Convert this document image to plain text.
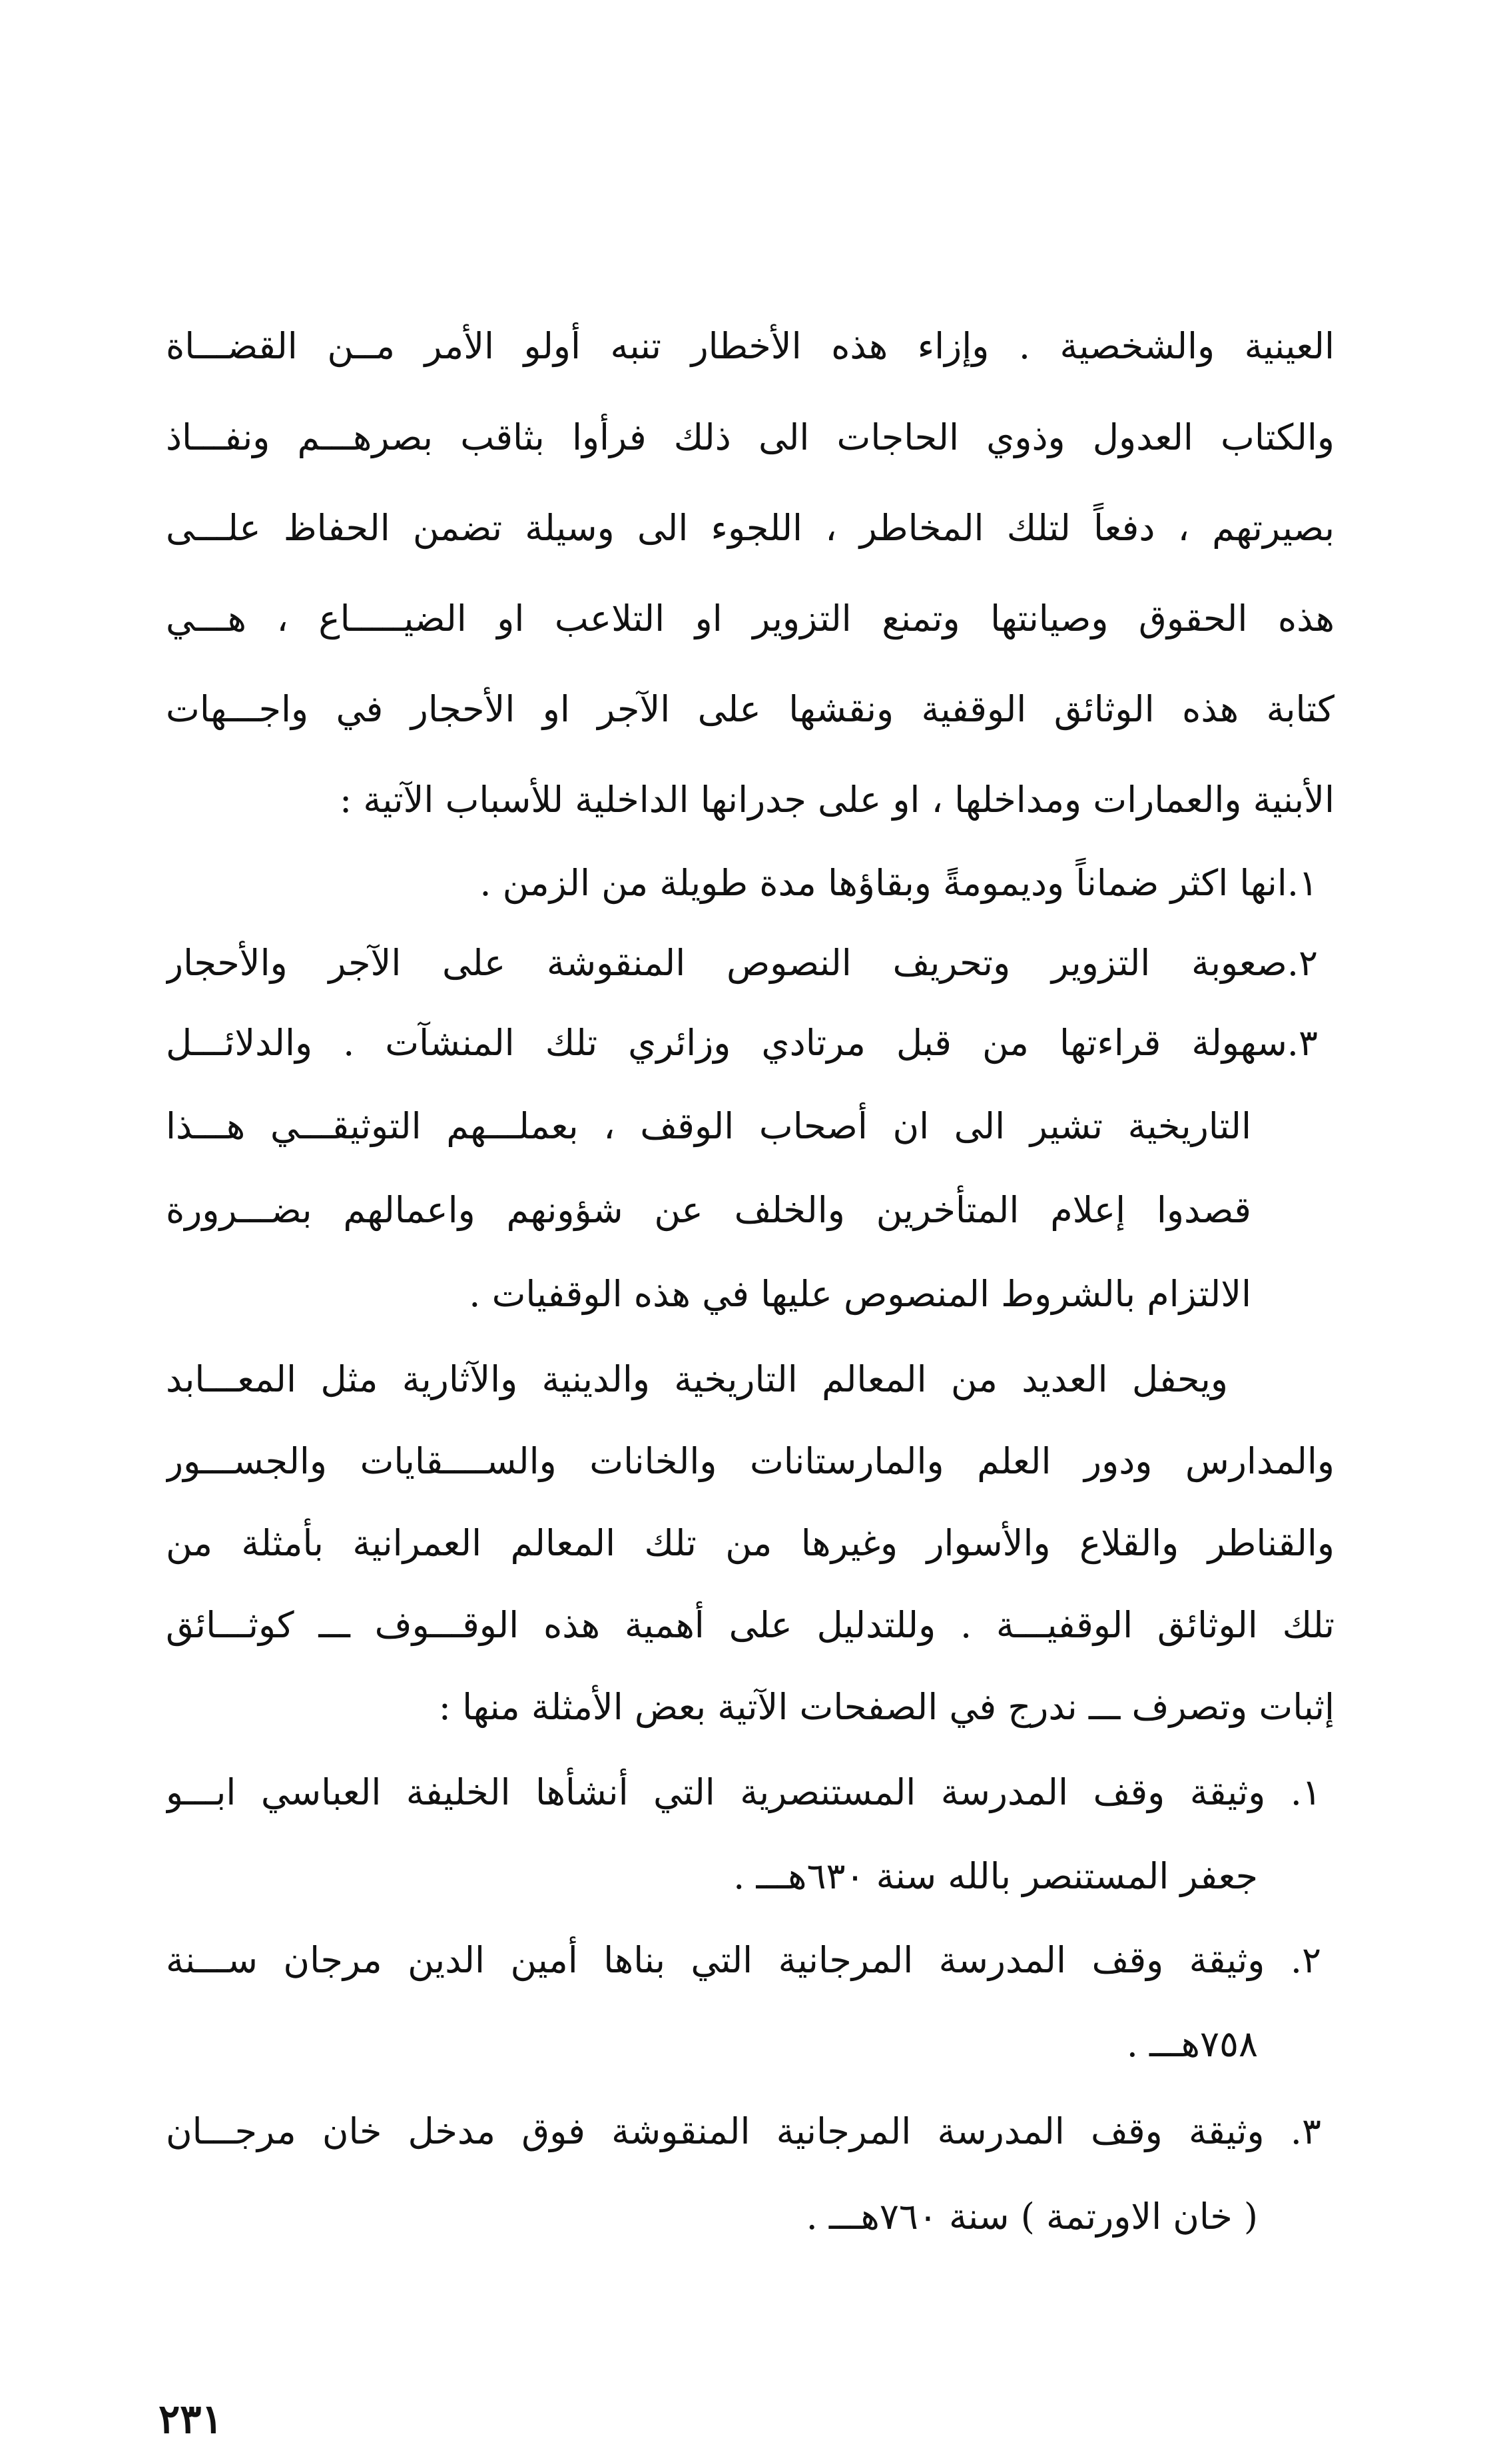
العينية والشخصية . وإزاء هذه الأخطار تنبه أولو الأمر مــن القضـــاة
والكتاب العدول وذوي الحاجات الى ذلك فرأوا بثاقب بصرهـــم ونفـــاذ
بصيرتهم ، دفعاً لتلك المخاطر ، اللجوء الى وسيلة تضمن الحفاظ علـــى
هذه الحقوق وصيانتها وتمنع التزوير او التلاعب او الضيـــــاع ، هـــي
كتابة هذه الوثائق الوقفية ونقشها على الآجر او الأحجار في واجـــهات
الأبنية والعمارات ومداخلها ، او على جدرانها الداخلية للأسباب الآتية :
١.انها اكثر ضماناً وديمومةً وبقاؤها مدة طويلة من الزمن .
٢.صعوبة التزوير وتحريف النصوص المنقوشة على الآجر والأحجار
٣.سهولة قراءتها من قبل مرتادي وزائري تلك المنشآت . والدلائـــل
التاريخية تشير الى ان أصحاب الوقف ، بعملـــهم التوثيقـــي هـــذا
قصدوا إعلام المتأخرين والخلف عن شؤونهم واعمالهم بضـــرورة
الالتزام بالشروط المنصوص عليها في هذه الوقفيات .
ويحفل العديد من المعالم التاريخية والدينية والآثارية مثل المعـــابد
والمدارس ودور العلم والمارستانات والخانات والســــقايات والجســـور
والقناطر والقلاع والأسوار وغيرها من تلك المعالم العمرانية بأمثلة من
تلك الوثائق الوقفيـــة . وللتدليل على أهمية هذه الوقـــوف ـــ كوثـــائق
إثبات وتصرف ـــ ندرج في الصفحات الآتية بعض الأمثلة منها :
١. وثيقة وقف المدرسة المستنصرية التي أنشأها الخليفة العباسي ابـــو
جعفر المستنصر بالله سنة ٦٣٠هـــ .
٢. وثيقة وقف المدرسة المرجانية التي بناها أمين الدين مرجان ســـنة
٧٥٨هـــ .
٣. وثيقة وقف المدرسة المرجانية المنقوشة فوق مدخل خان مرجـــان
( خان الاورتمة ) سنة ٧٦٠هـــ .
٢٣١
